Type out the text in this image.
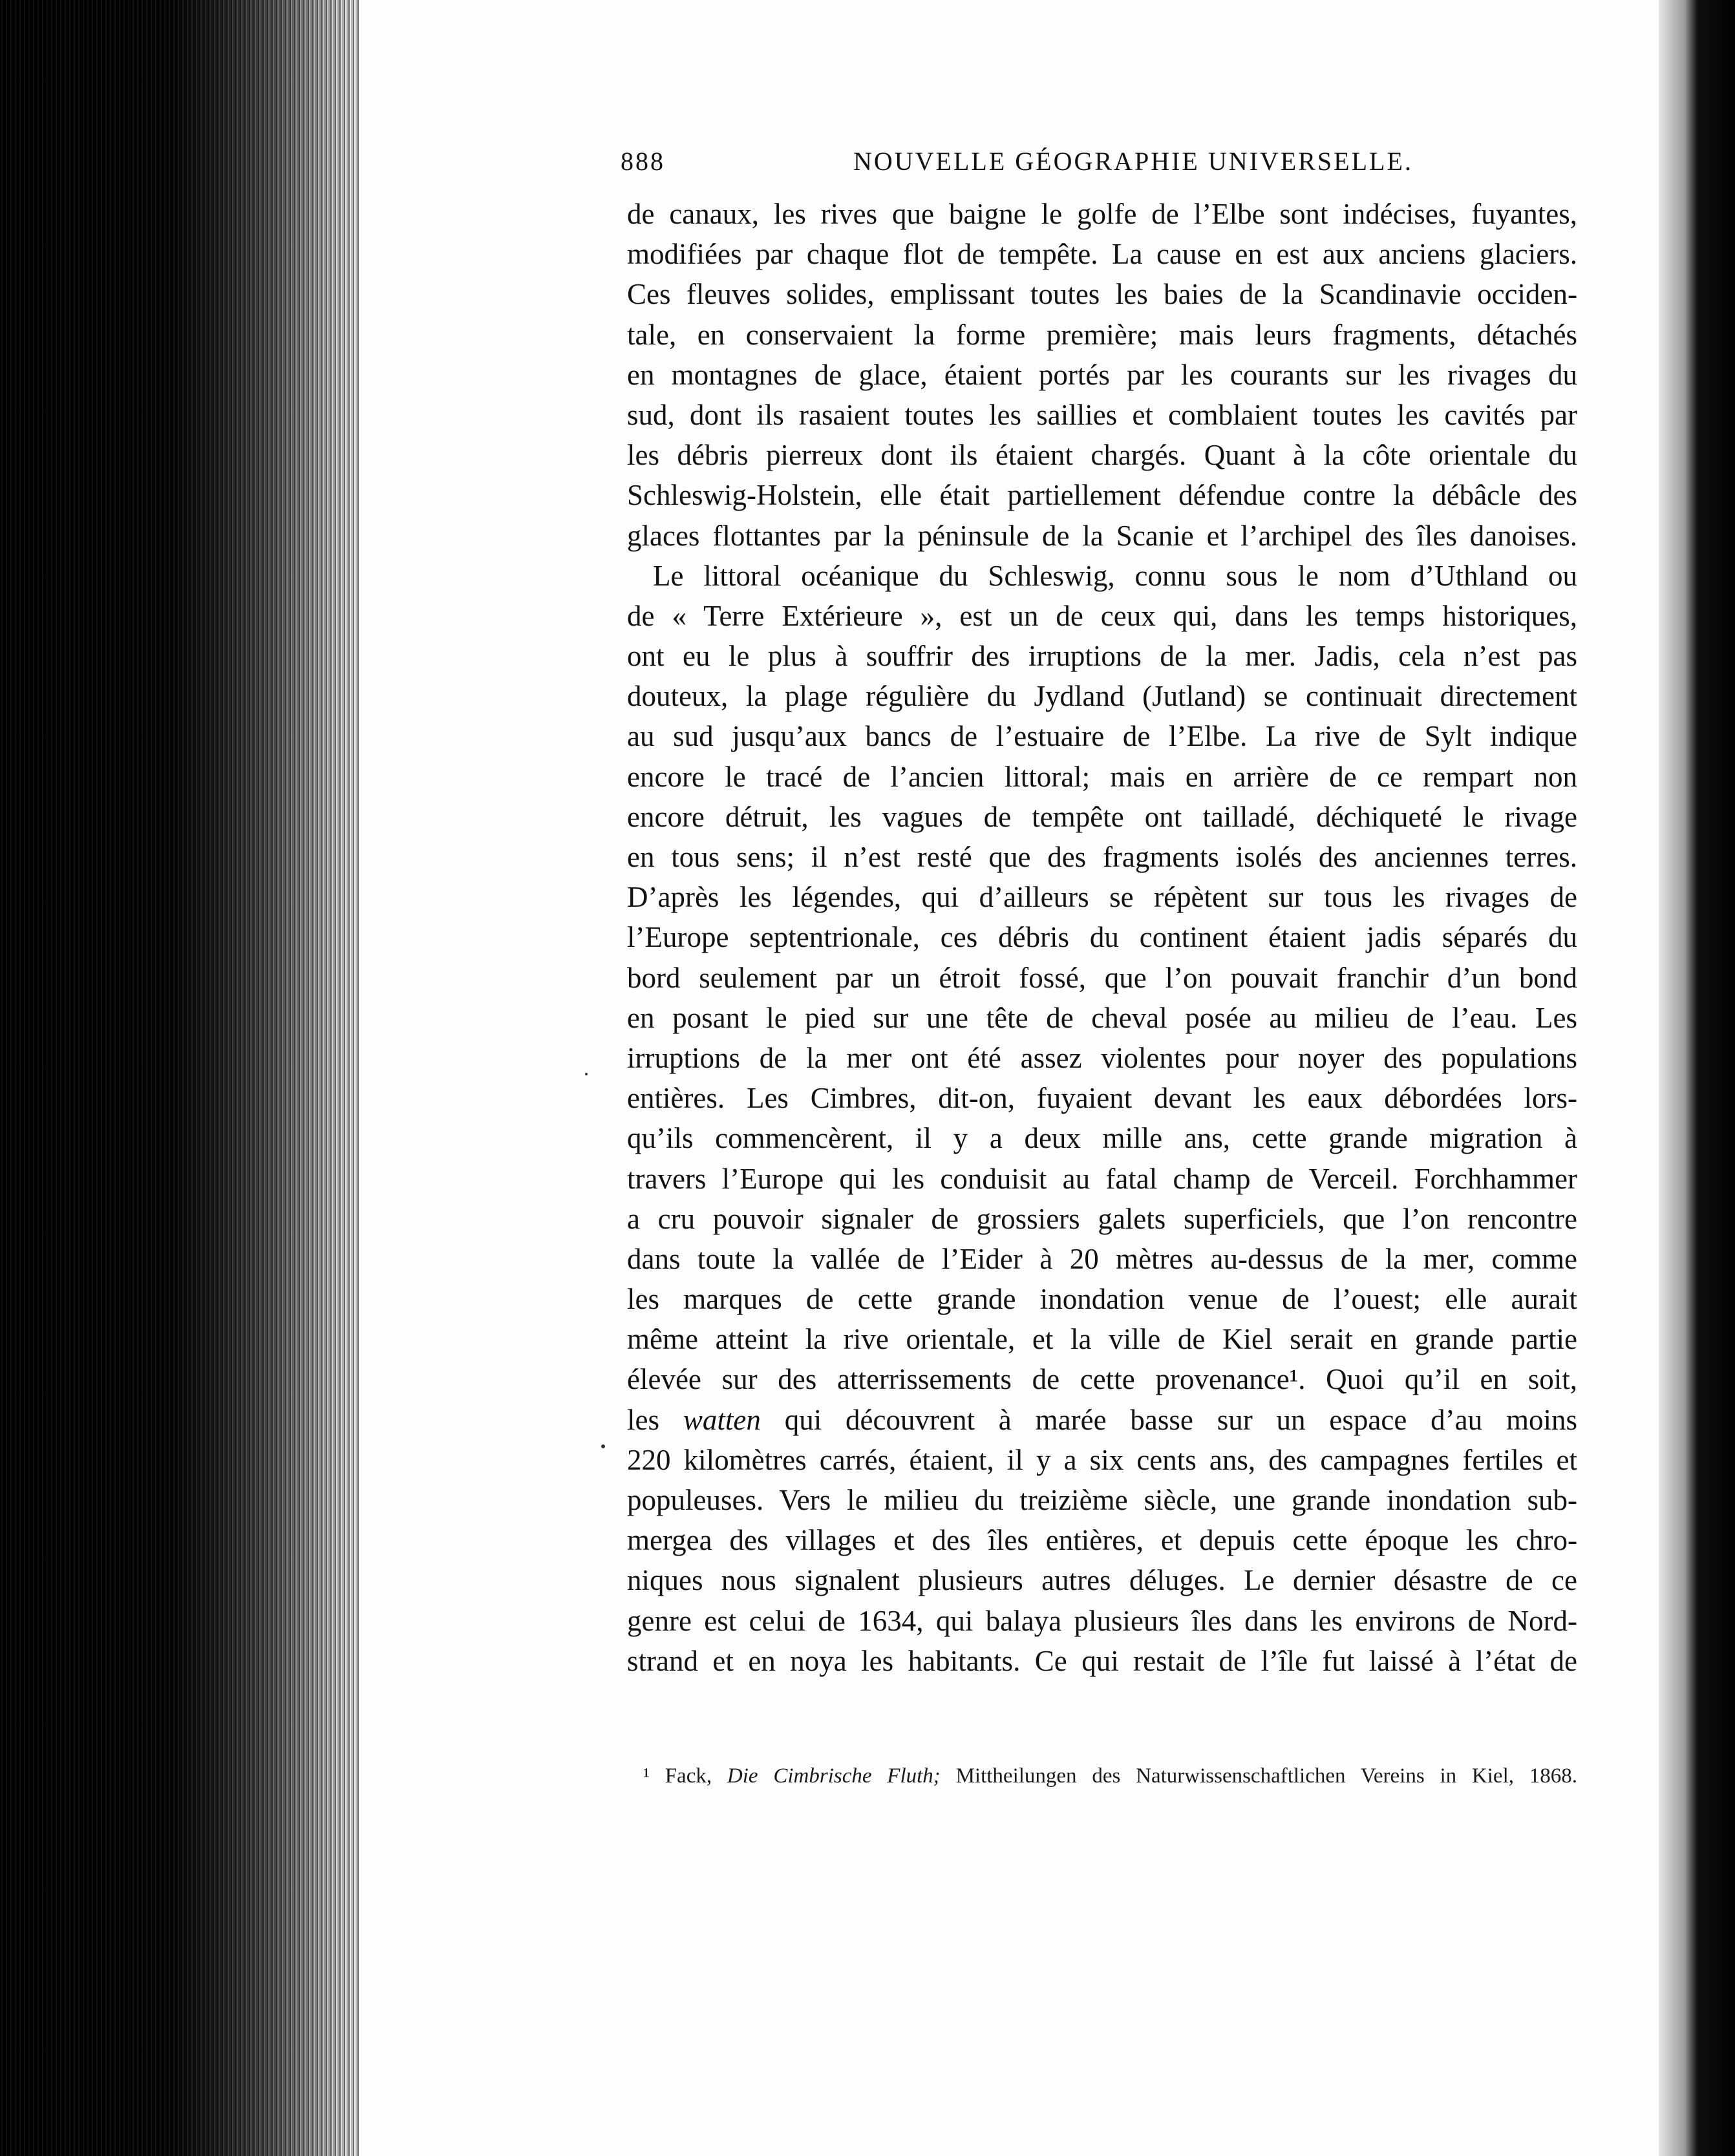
888	NOUVELLE GÉOGRAPHIE UNIVERSELLE.
de canaux, les rives que baigne le golfe de l’Elbe sont indécises, fuyantes,
modifiées par chaque flot de tempête. La cause en est aux anciens glaciers.
Ces fleuves solides, emplissant toutes les baies de la Scandinavie occiden-
tale, en conservaient la forme première; mais leurs fragments, détachés
en montagnes de glace, étaient portés par les courants sur les rivages du
sud, dont ils rasaient toutes les saillies et comblaient toutes les cavités par
les débris pierreux dont ils étaient chargés. Quant à la côte orientale du
Schleswig-Holstein, elle était partiellement défendue contre la débâcle des
glaces flottantes par la péninsule de la Scanie et l’archipel des îles danoises.
Le littoral océanique du Schleswig, connu sous le nom d’Uthland ou
de « Terre Extérieure », est un de ceux qui, dans les temps historiques,
ont eu le plus à souffrir des irruptions de la mer. Jadis, cela n’est pas
douteux, la plage régulière du Jydland (Jutland) se continuait directement
au sud jusqu’aux bancs de l’estuaire de l’Elbe. La rive de Sylt indique
encore le tracé de l’ancien littoral; mais en arrière de ce rempart non
encore détruit, les vagues de tempête ont tailladé, déchiqueté le rivage
en tous sens; il n’est resté que des fragments isolés des anciennes terres.
D’après les légendes, qui d’ailleurs se répètent sur tous les rivages de
l’Europe septentrionale, ces débris du continent étaient jadis séparés du
bord seulement par un étroit fossé, que l’on pouvait franchir d’un bond
en posant le pied sur une tête de cheval posée au milieu de l’eau. Les
irruptions de la mer ont été assez violentes pour noyer des populations
entières. Les Cimbres, dit-on, fuyaient devant les eaux débordées lors-
qu’ils commencèrent, il y a deux mille ans, cette grande migration à
travers l’Europe qui les conduisit au fatal champ de Verceil. Forchhammer
a cru pouvoir signaler de grossiers galets superficiels, que l’on rencontre
dans toute la vallée de l’Eider à 20 mètres au-dessus de la mer, comme
les marques de cette grande inondation venue de l’ouest; elle aurait
même atteint la rive orientale, et la ville de Kiel serait en grande partie
élevée sur des atterrissements de cette provenance¹. Quoi qu’il en soit,
les watten qui découvrent à marée basse sur un espace d’au moins
220 kilomètres carrés, étaient, il y a six cents ans, des campagnes fertiles et
populeuses. Vers le milieu du treizième siècle, une grande inondation sub-
mergea des villages et des îles entières, et depuis cette époque les chro-
niques nous signalent plusieurs autres déluges. Le dernier désastre de ce
genre est celui de 1634, qui balaya plusieurs îles dans les environs de Nord-
strand et en noya les habitants. Ce qui restait de l’île fut laissé à l’état de
¹ Fack, Die Cimbrische Fluth; Mittheilungen des Naturwissenschaftlichen Vereins in Kiel, 1868.
